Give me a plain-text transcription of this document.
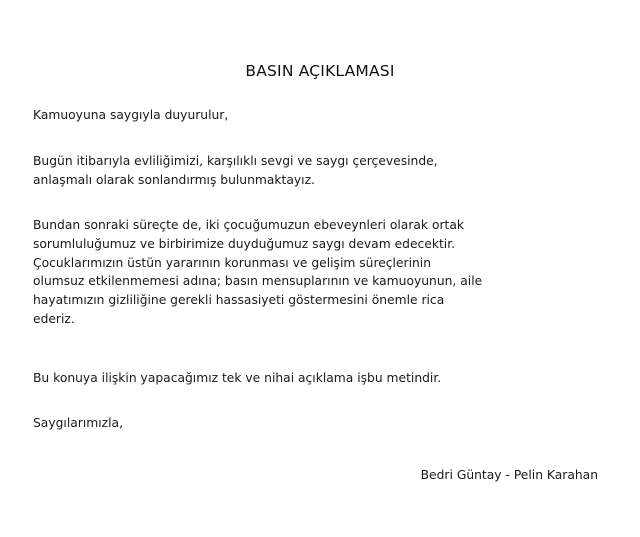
BASIN AÇIKLAMASI

Kamuoyuna saygıyla duyurulur,

Bugün itibarıyla evliliğimizi, karşılıklı sevgi ve saygı çerçevesinde,
anlaşmalı olarak sonlandırmış bulunmaktayız.

Bundan sonraki süreçte de, iki çocuğumuzun ebeveynleri olarak ortak
sorumluluğumuz ve birbirimize duyduğumuz saygı devam edecektir.
Çocuklarımızın üstün yararının korunması ve gelişim süreçlerinin
olumsuz etkilenmemesi adına; basın mensuplarının ve kamuoyunun, aile
hayatımızın gizliliğine gerekli hassasiyeti göstermesini önemle rica
ederiz.

Bu konuya ilişkin yapacağımız tek ve nihai açıklama işbu metindir.

Saygılarımızla,

Bedri Güntay - Pelin Karahan
